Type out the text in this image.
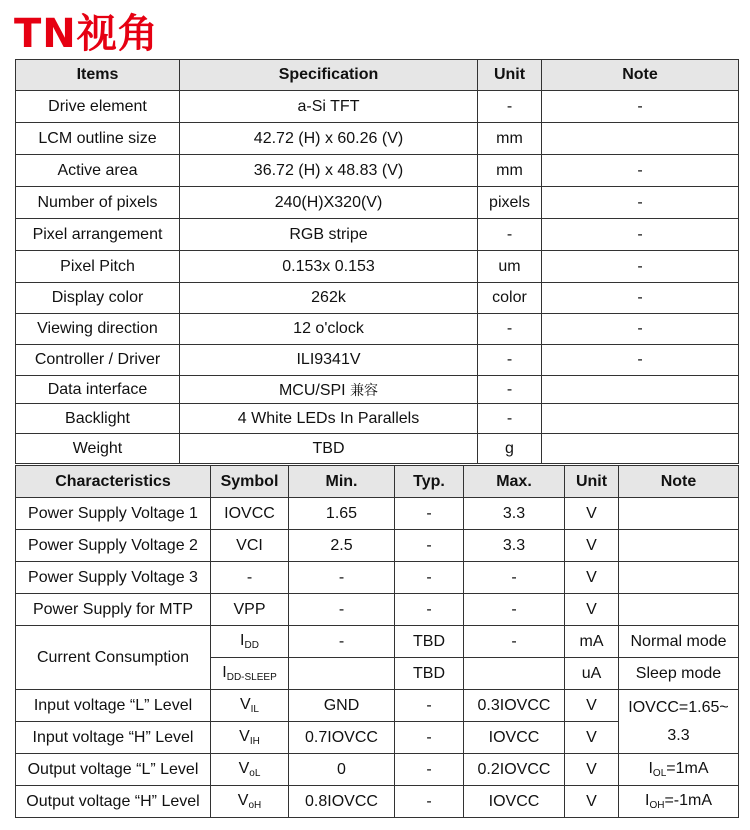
TN视角
Items	Specification	Unit	Note
Drive element	a-Si TFT	-	-
LCM outline size	42.72 (H) x 60.26 (V)	mm	
Active area	36.72 (H) x 48.83 (V)	mm	-
Number of pixels	240(H)X320(V)	pixels	-
Pixel arrangement	RGB stripe	-	-
Pixel Pitch	0.153x 0.153	um	-
Display color	262k	color	-
Viewing direction	12 o'clock	-	-
Controller / Driver	ILI9341V	-	-
Data interface	MCU/SPI 兼容	-	
Backlight	4 White LEDs In Parallels	-	
Weight	TBD	g	
Characteristics	Symbol	Min.	Typ.	Max.	Unit	Note
Power Supply Voltage 1	IOVCC	1.65	-	3.3	V	
Power Supply Voltage 2	VCI	2.5	-	3.3	V	
Power Supply Voltage 3	-	-	-	-	V	
Power Supply for MTP	VPP	-	-	-	V	
Current Consumption	$I_{DD}$	-	TBD	-	mA	Normal mode
	$I_{DD-SLEEP}$		TBD		uA	Sleep mode
Input voltage “L” Level	$V_{IL}$	GND	-	0.3IOVCC	V	IOVCC=1.65~ 3.3
Input voltage “H” Level	$V_{IH}$	0.7IOVCC	-	IOVCC	V	
Output voltage “L” Level	$V_{oL}$	0	-	0.2IOVCC	V	$I_{OL}=1mA$
Output voltage “H” Level	$V_{oH}$	0.8IOVCC	-	IOVCC	V	$I_{OH}=-1mA$
